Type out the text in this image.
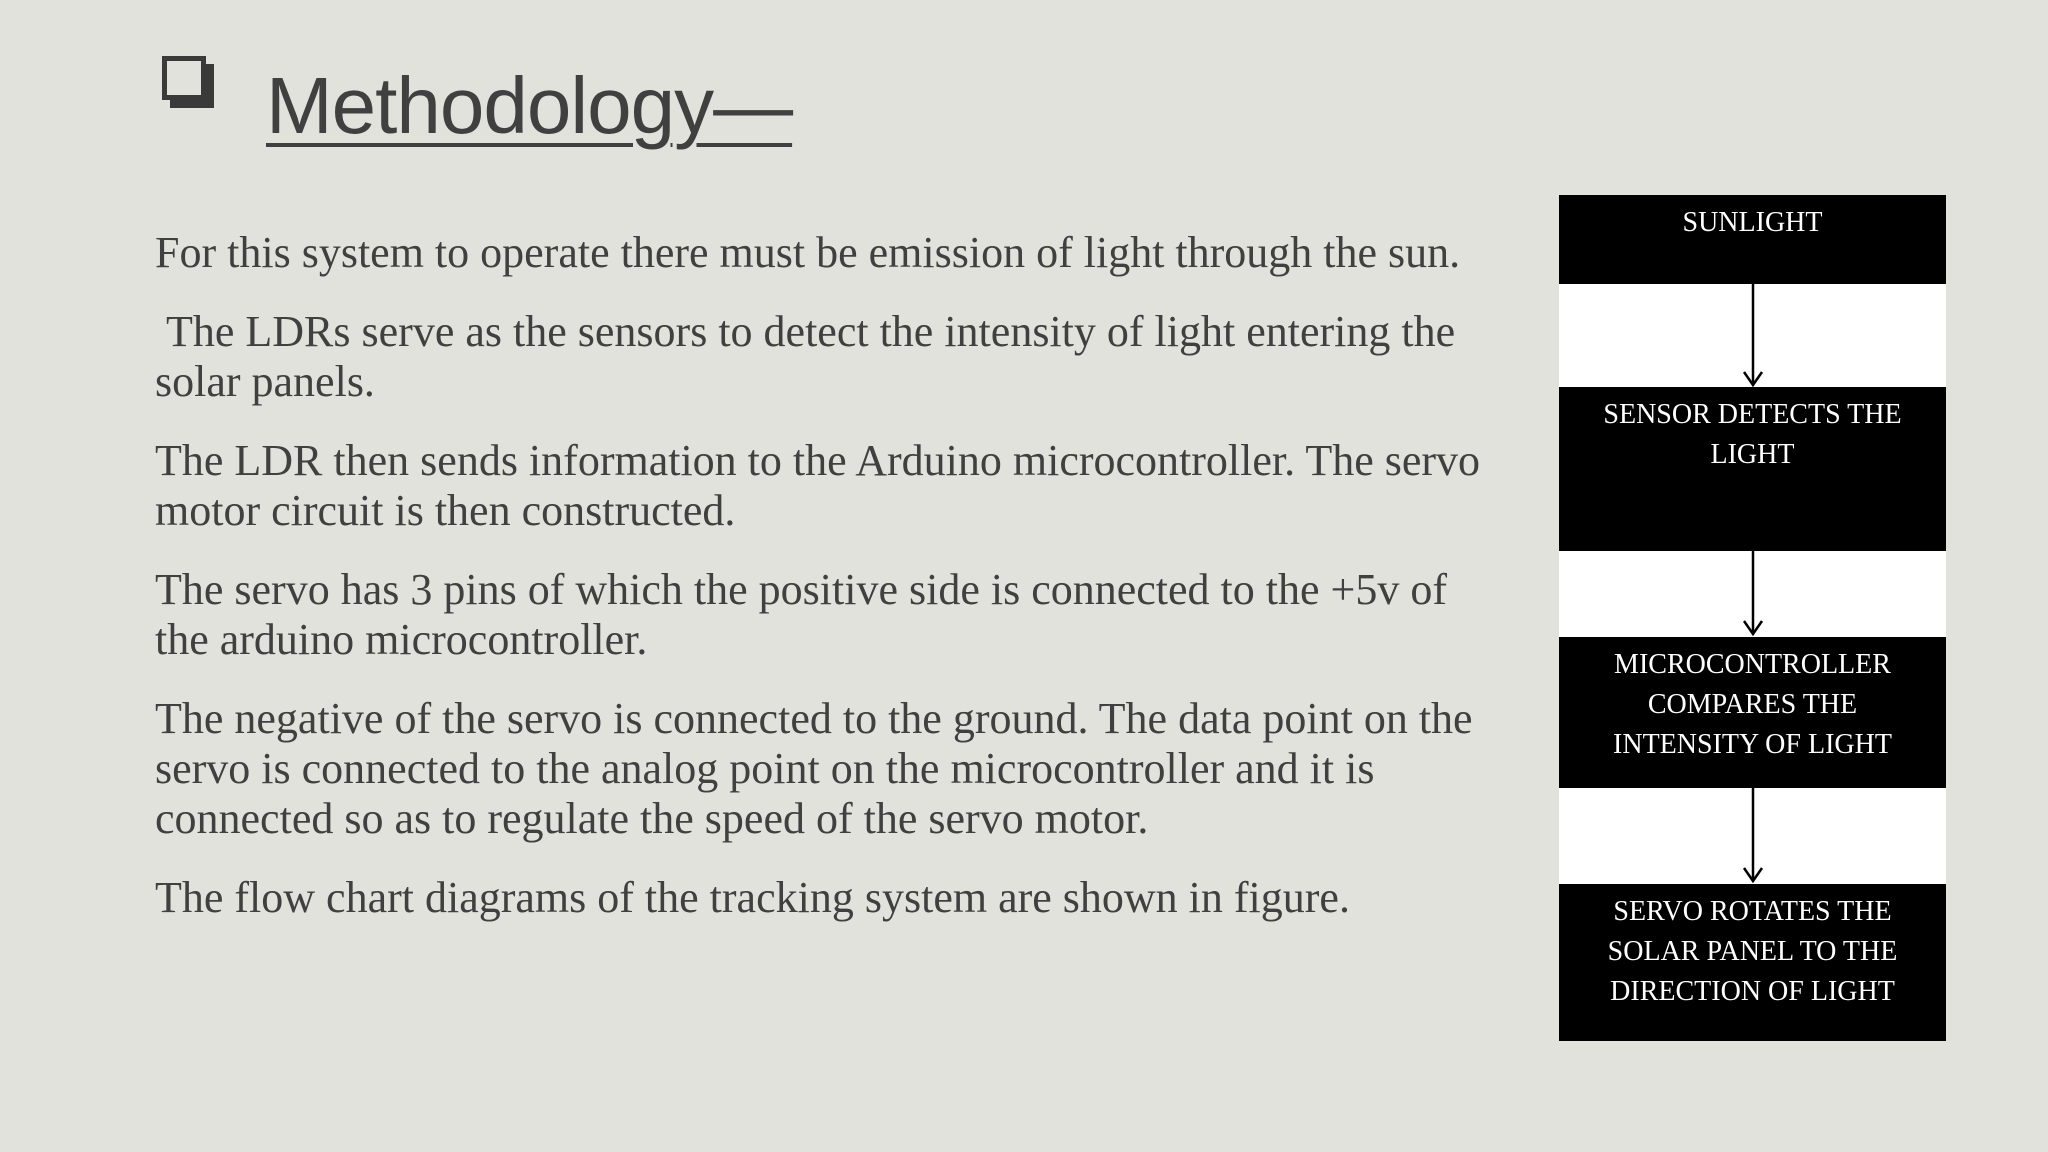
Methodology—

For this system to operate there must be emission of light through the sun.

The LDRs serve as the sensors to detect the intensity of light entering the solar panels.

The LDR then sends information to the Arduino microcontroller. The servo motor circuit is then constructed.

The servo has 3 pins of which the positive side is connected to the +5v of the arduino microcontroller.

The negative of the servo is connected to the ground. The data point on the servo is connected to the analog point on the microcontroller and it is connected so as to regulate the speed of the servo motor.

The flow chart diagrams of the tracking system are shown in figure.

SUNLIGHT
SENSOR DETECTS THE LIGHT
MICROCONTROLLER COMPARES THE INTENSITY OF LIGHT
SERVO ROTATES THE SOLAR PANEL TO THE DIRECTION OF LIGHT
